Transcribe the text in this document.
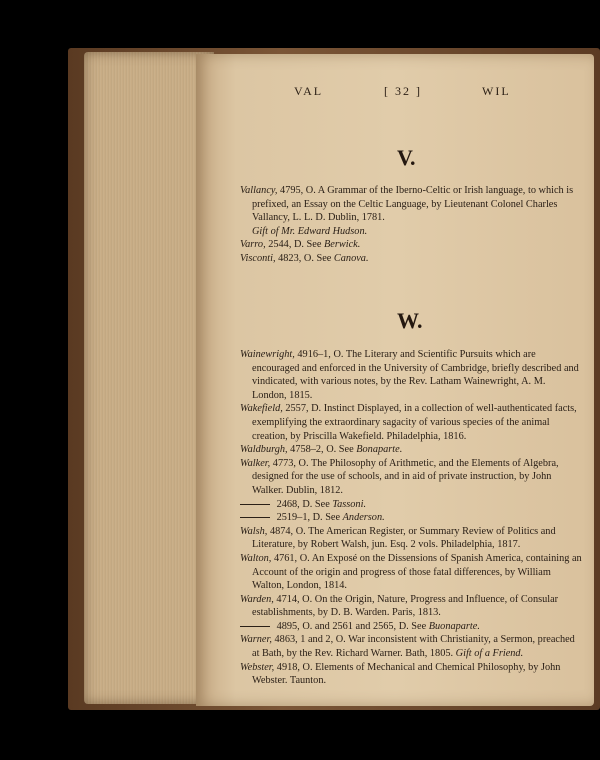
VAL	[ 32 ]	WIL
V.

Vallancy, 4795, O. A Grammar of the Iberno-Celtic or Irish language, to which is prefixed, an Essay on the Celtic Language, by Lieutenant Colonel Charles Vallancy, L. L. D. Dublin, 1781.
Gift of Mr. Edward Hudson.

Varro, 2544, D. See Berwick.

Visconti, 4823, O. See Canova.

W.

Wainewright, 4916–1, O. The Literary and Scientific Pursuits which are encouraged and enforced in the University of Cambridge, briefly described and vindicated, with various notes, by the Rev. Latham Wainewright, A. M. London, 1815.

Wakefield, 2557, D. Instinct Displayed, in a collection of well-authenticated facts, exemplifying the extraordinary sagacity of various species of the animal creation, by Priscilla Wakefield. Philadelphia, 1816.

Waldburgh, 4758–2, O. See Bonaparte.

Walker, 4773, O. The Philosophy of Arithmetic, and the Elements of Algebra, designed for the use of schools, and in aid of private instruction, by John Walker. Dublin, 1812.

2468, D. See Tassoni.

2519–1, D. See Anderson.

Walsh, 4874, O. The American Register, or Summary Review of Politics and Literature, by Robert Walsh, jun. Esq. 2 vols. Philadelphia, 1817.

Walton, 4761, O. An Exposé on the Dissensions of Spanish America, containing an Account of the origin and progress of those fatal differences, by William Walton, London, 1814.

Warden, 4714, O. On the Origin, Nature, Progress and Influence, of Consular establishments, by D. B. Warden. Paris, 1813.

4895, O. and 2561 and 2565, D. See Buonaparte.

Warner, 4863, 1 and 2, O. War inconsistent with Christianity, a Sermon, preached at Bath, by the Rev. Richard Warner. Bath, 1805. Gift of a Friend.

Webster, 4918, O. Elements of Mechanical and Chemical Philosophy, by John Webster. Taunton.
